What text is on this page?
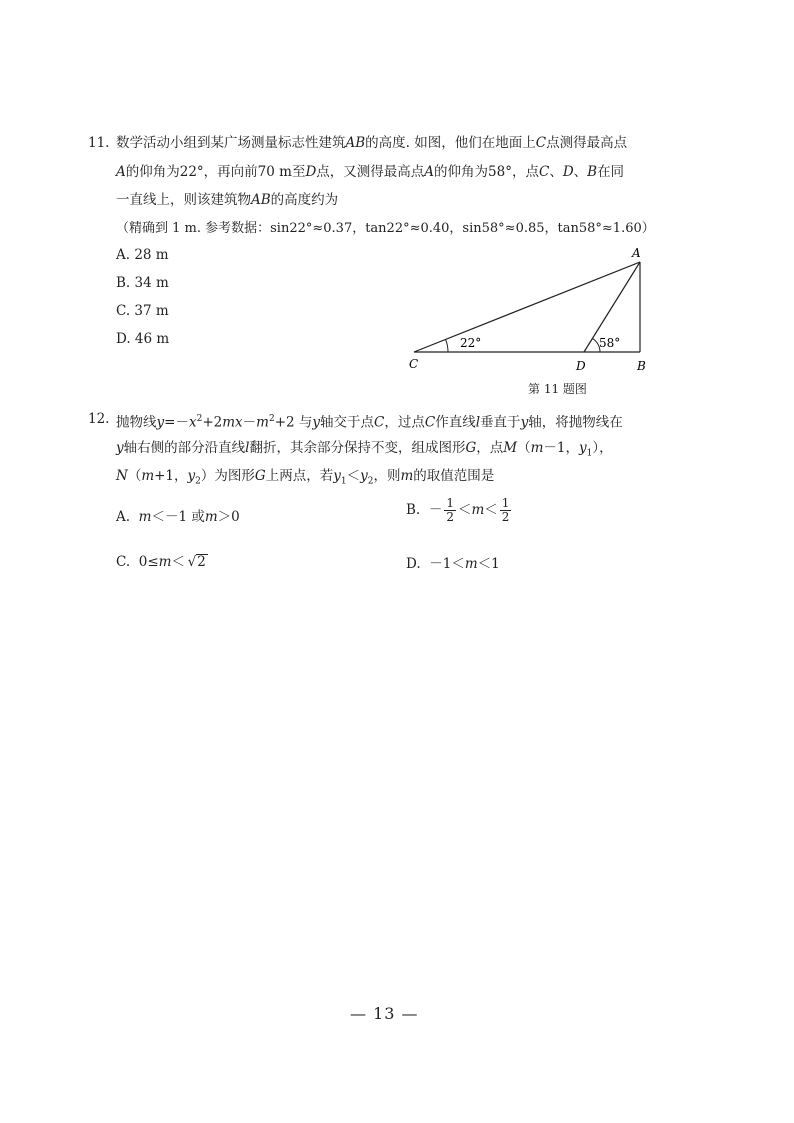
11. 数学活动小组到某广场测量标志性建筑AB的高度. 如图，他们在地面上C点测得最高点
A的仰角为22°，再向前70 m至D点，又测得最高点A的仰角为58°，点C、D、B在同
一直线上，则该建筑物AB的高度约为
（精确到 1 m. 参考数据：sin22°≈0.37，tan22°≈0.40，sin58°≈0.85，tan58°≈1.60）
A. 28 m
B. 34 m
C. 37 m
D. 46 m	22°	58°
A
B
C	D
第 11 题图
12. 抛物线$y=-x^2+2mx-m^2+2$ 与y轴交于点C，过点C作直线l垂直于y轴，将抛物线在
y轴右侧的部分沿直线l翻折，其余部分保持不变，组成图形G，点M（m－1，$y_1$），
N（m+1，$y_2$）为图形G上两点，若$y_1<y_2$，则m的取值范围是
A. m＜－1 或m＞0	B. － $\frac{1}{2} <m< \frac{1}{2}$
C. 0≤m＜  √2	D. －1＜m＜1
— 13 —
